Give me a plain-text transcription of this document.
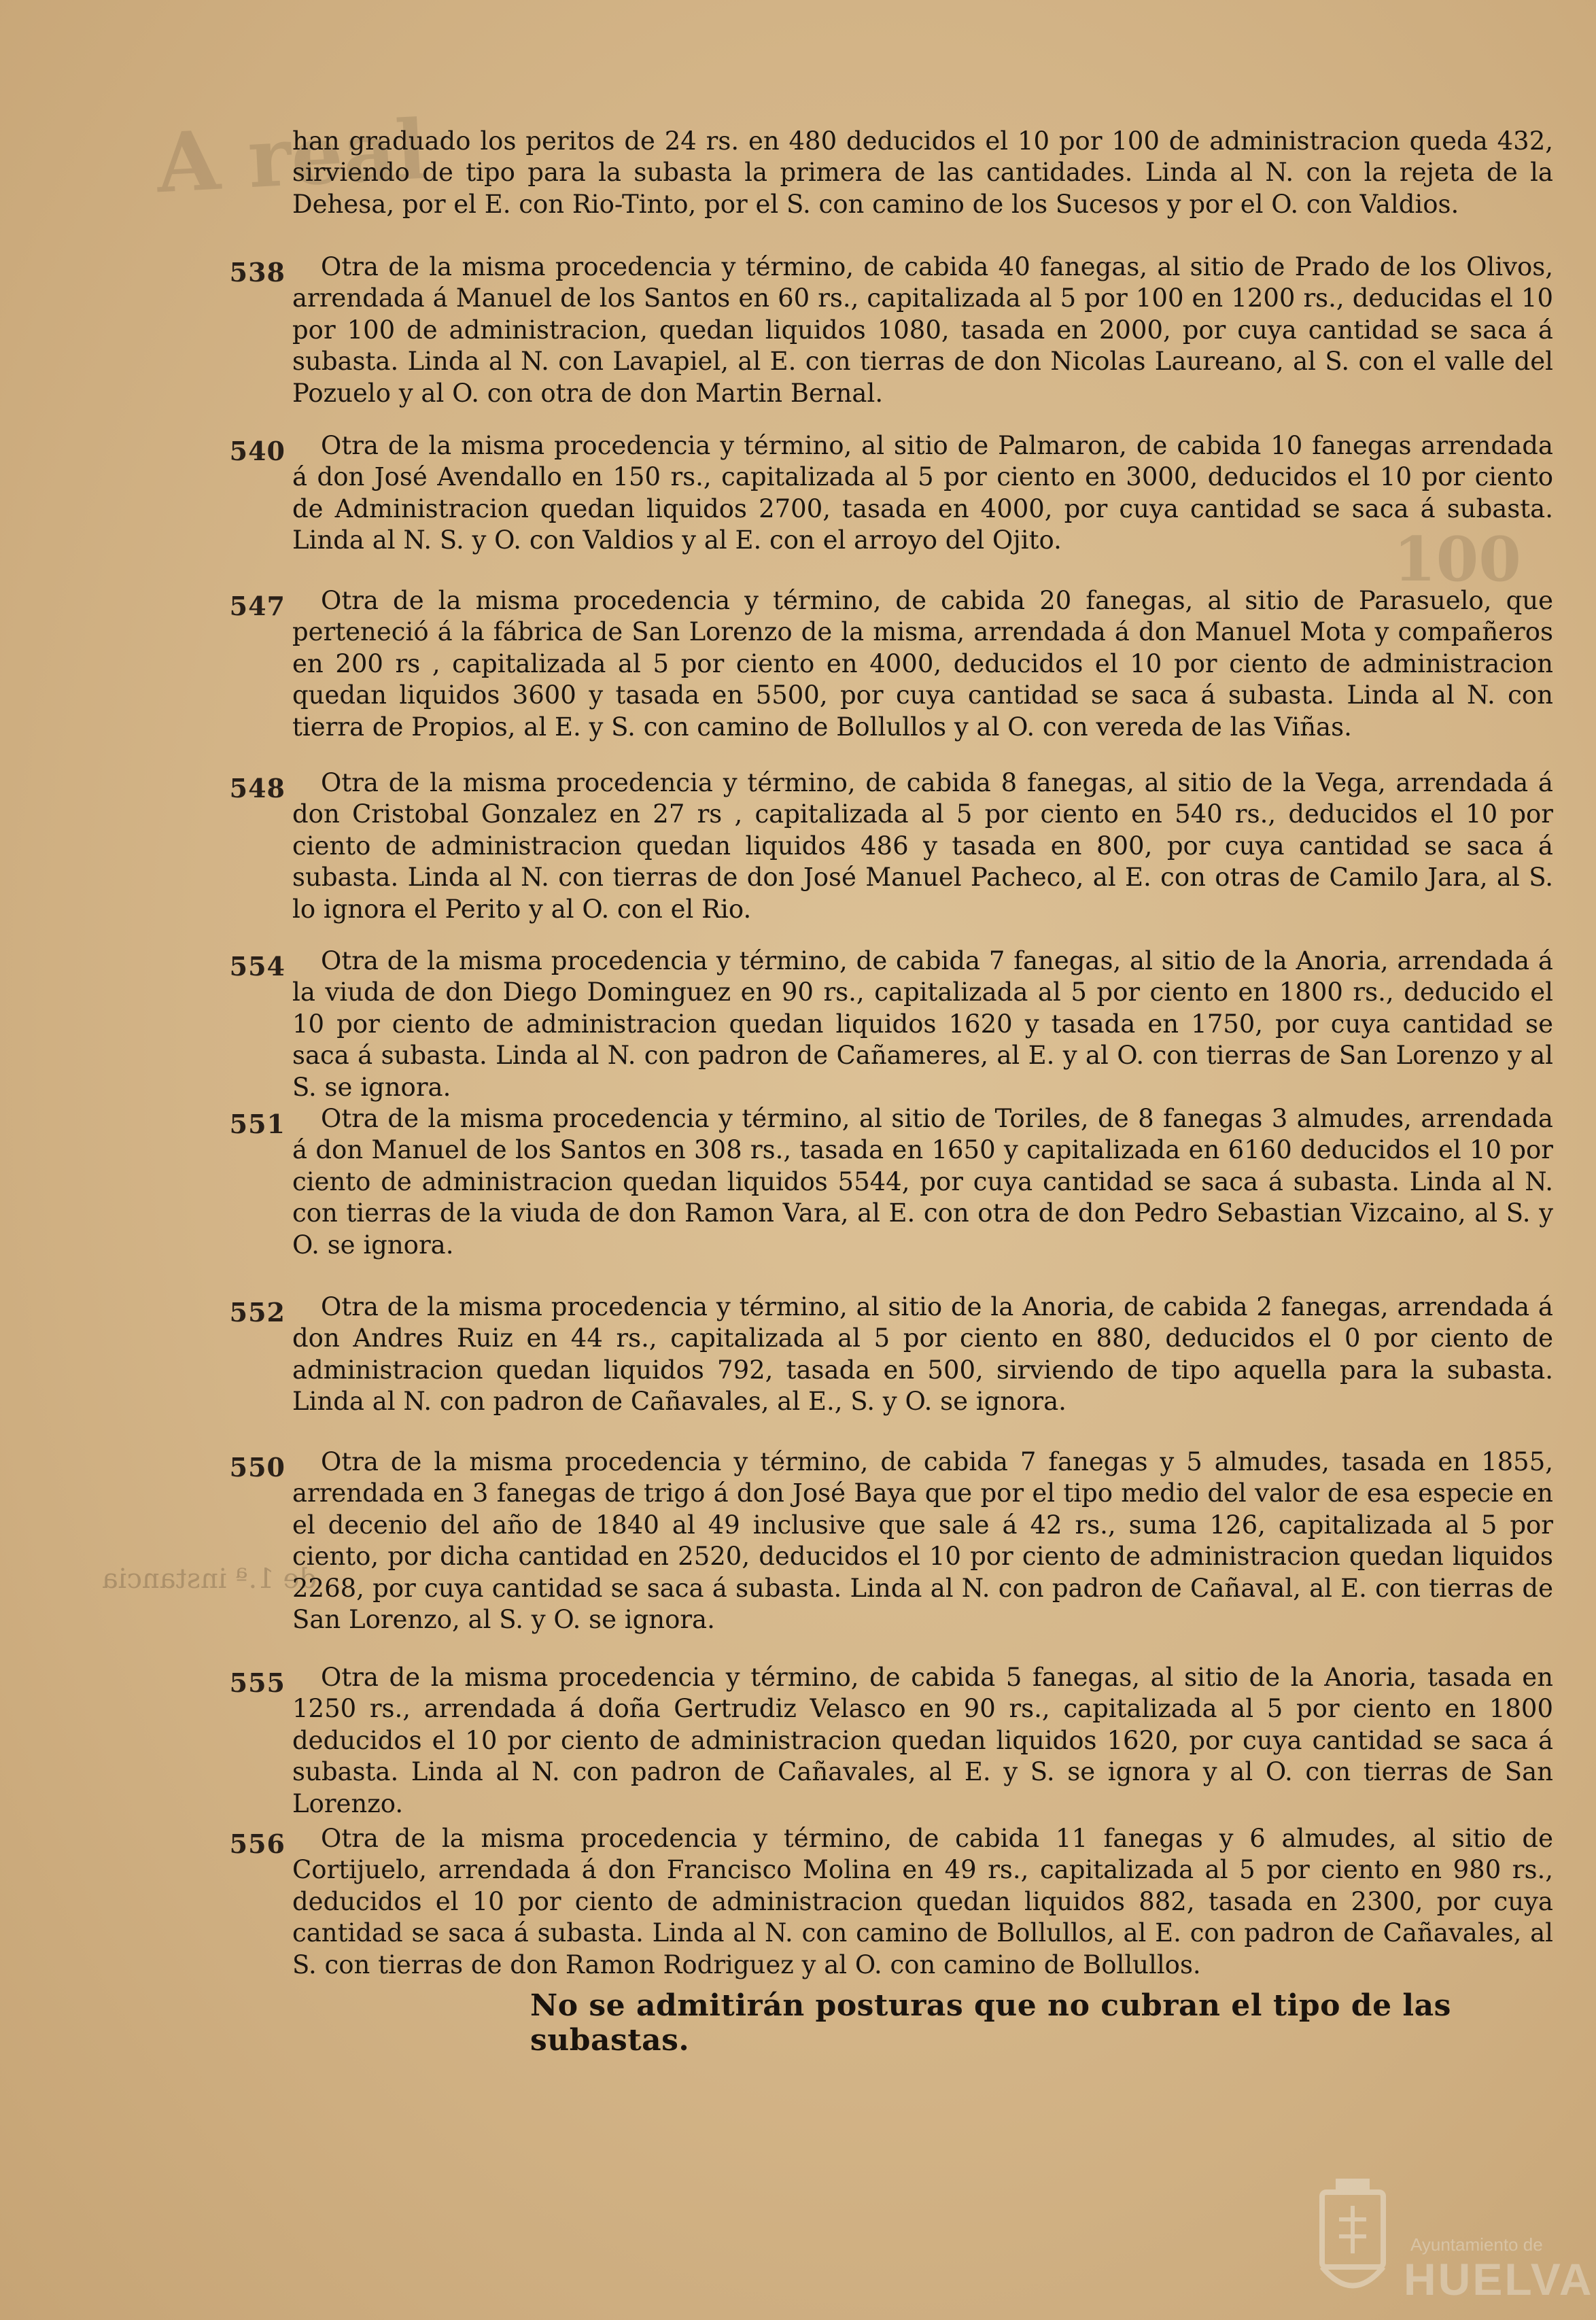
A real
100
de 1.ª instancia

han graduado los peritos de 24 rs. en 480 deducidos el 10 por 100 de administracion queda 432, sirviendo de tipo para la subasta la primera de las cantidades. Linda al N. con la rejeta de la Dehesa, por el E. con Rio-Tinto, por el S. con camino de los Sucesos y por el O. con Valdios.

538	Otra de la misma procedencia y término, de cabida 40 fanegas, al sitio de Prado de los Olivos, arrendada á Manuel de los Santos en 60 rs., capitalizada al 5 por 100 en 1200 rs., deducidas el 10 por 100 de administracion, quedan liquidos 1080, tasada en 2000, por cuya cantidad se saca á subasta. Linda al N. con Lavapiel, al E. con tierras de don Nicolas Laureano, al S. con el valle del Pozuelo y al O. con otra de don Martin Bernal.

540	Otra de la misma procedencia y término, al sitio de Palmaron, de cabida 10 fanegas arrendada á don José Avendallo en 150 rs., capitalizada al 5 por ciento en 3000, deducidos el 10 por ciento de Administracion quedan liquidos 2700, tasada en 4000, por cuya cantidad se saca á subasta. Linda al N. S. y O. con Valdios y al E. con el arroyo del Ojito.

547	Otra de la misma procedencia y término, de cabida 20 fanegas, al sitio de Parasuelo, que perteneció á la fábrica de San Lorenzo de la misma, arrendada á don Manuel Mota y compañeros en 200 rs , capitalizada al 5 por ciento en 4000, deducidos el 10 por ciento de administracion quedan liquidos 3600 y tasada en 5500, por cuya cantidad se saca á subasta. Linda al N. con tierra de Propios, al E. y S. con camino de Bollullos y al O. con vereda de las Viñas.

548	Otra de la misma procedencia y término, de cabida 8 fanegas, al sitio de la Vega, arrendada á don Cristobal Gonzalez en 27 rs , capitalizada al 5 por ciento en 540 rs., deducidos el 10 por ciento de administracion quedan liquidos 486 y tasada en 800, por cuya cantidad se saca á subasta. Linda al N. con tierras de don José Manuel Pacheco, al E. con otras de Camilo Jara, al S. lo ignora el Perito y al O. con el Rio.

554	Otra de la misma procedencia y término, de cabida 7 fanegas, al sitio de la Anoria, arrendada á la viuda de don Diego Dominguez en 90 rs., capitalizada al 5 por ciento en 1800 rs., deducido el 10 por ciento de administracion quedan liquidos 1620 y tasada en 1750, por cuya cantidad se saca á subasta. Linda al N. con padron de Cañameres, al E. y al O. con tierras de San Lorenzo y al S. se ignora.

551	Otra de la misma procedencia y término, al sitio de Toriles, de 8 fanegas 3 almudes, arrendada á don Manuel de los Santos en 308 rs., tasada en 1650 y capitalizada en 6160 deducidos el 10 por ciento de administracion quedan liquidos 5544, por cuya cantidad se saca á subasta. Linda al N. con tierras de la viuda de don Ramon Vara, al E. con otra de don Pedro Sebastian Vizcaino, al S. y O. se ignora.

552	Otra de la misma procedencia y término, al sitio de la Anoria, de cabida 2 fanegas, arrendada á don Andres Ruiz en 44 rs., capitalizada al 5 por ciento en 880, deducidos el 0 por ciento de administracion quedan liquidos 792, tasada en 500, sirviendo de tipo aquella para la subasta. Linda al N. con padron de Cañavales, al E., S. y O. se ignora.

550	Otra de la misma procedencia y término, de cabida 7 fanegas y 5 almudes, tasada en 1855, arrendada en 3 fanegas de trigo á don José Baya que por el tipo medio del valor de esa especie en el decenio del año de 1840 al 49 inclusive que sale á 42 rs., suma 126, capitalizada al 5 por ciento, por dicha cantidad en 2520, deducidos el 10 por ciento de administracion quedan liquidos 2268, por cuya cantidad se saca á subasta. Linda al N. con padron de Cañaval, al E. con tierras de San Lorenzo, al S. y O. se ignora.

555	Otra de la misma procedencia y término, de cabida 5 fanegas, al sitio de la Anoria, tasada en 1250 rs., arrendada á doña Gertrudiz Velasco en 90 rs., capitalizada al 5 por ciento en 1800 deducidos el 10 por ciento de administracion quedan liquidos 1620, por cuya cantidad se saca á subasta. Linda al N. con padron de Cañavales, al E. y S. se ignora y al O. con tierras de San Lorenzo.

556	Otra de la misma procedencia y término, de cabida 11 fanegas y 6 almudes, al sitio de Cortijuelo, arrendada á don Francisco Molina en 49 rs., capitalizada al 5 por ciento en 980 rs., deducidos el 10 por ciento de administracion quedan liquidos 882, tasada en 2300, por cuya cantidad se saca á subasta. Linda al N. con camino de Bollullos, al E. con padron de Cañavales, al S. con tierras de don Ramon Rodriguez y al O. con camino de Bollullos.

No se admitirán posturas que no cubran el tipo de las subastas.
Ayuntamiento de
HUELVA
